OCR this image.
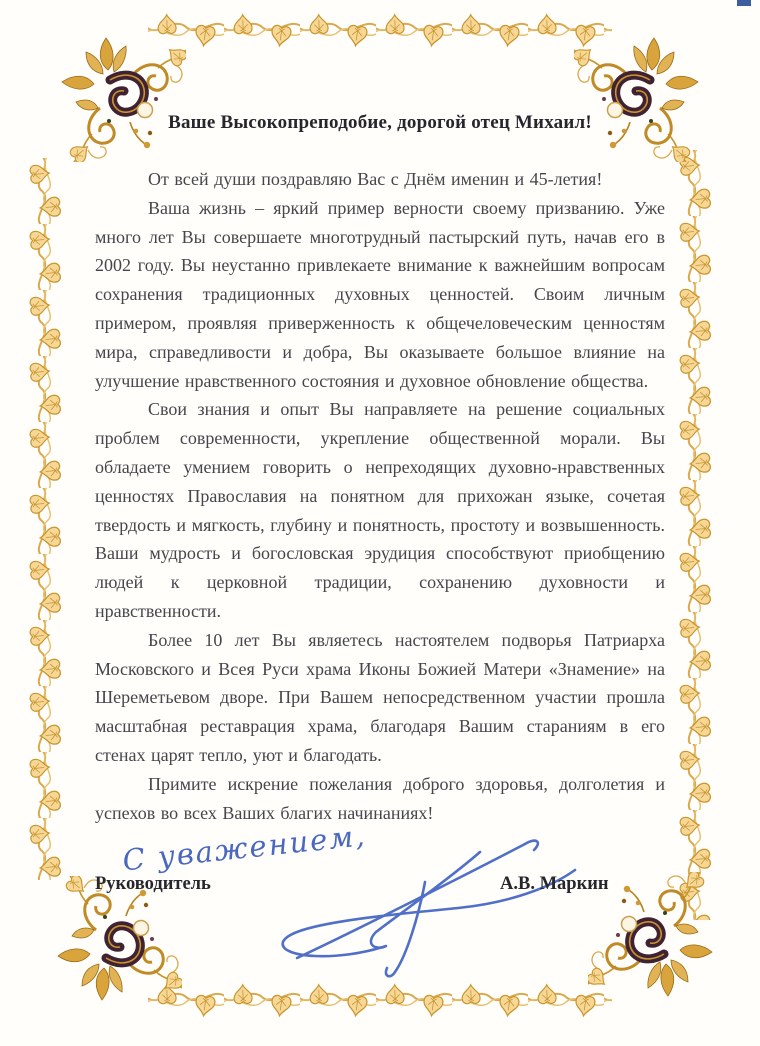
Ваше Высокопреподобие, дорогой отец Михаил!

От всей души поздравляю Вас с Днём именин и 45-летия!

Ваша жизнь – яркий пример верности своему призванию. Уже много лет Вы совершаете многотрудный пастырский путь, начав его в 2002 году. Вы неустанно привлекаете внимание к важнейшим вопросам сохранения традиционных духовных ценностей. Своим личным примером, проявляя приверженность к общечеловеческим ценностям мира, справедливости и добра, Вы оказываете большое влияние на улучшение нравственного состояния и духовное обновление общества.

Свои знания и опыт Вы направляете на решение социальных проблем современности, укрепление общественной морали. Вы обладаете умением говорить о непреходящих духовно-нравственных ценностях Православия на понятном для прихожан языке, сочетая твердость и мягкость, глубину и понятность, простоту и возвышенность. Ваши мудрость и богословская эрудиция способствуют приобщению людей к церковной традиции, сохранению духовности и нравственности.

Более 10 лет Вы являетесь настоятелем подворья Патриарха Московского и Всея Руси храма Иконы Божией Матери «Знамение» на Шереметьевом дворе. При Вашем непосредственном участии прошла масштабная реставрация храма, благодаря Вашим стараниям в его стенах царят тепло, уют и благодать.

Примите искрение пожелания доброго здоровья, долголетия и успехов во всех Ваших благих начинаниях!

С уважением,
Руководитель	А.В. Маркин
